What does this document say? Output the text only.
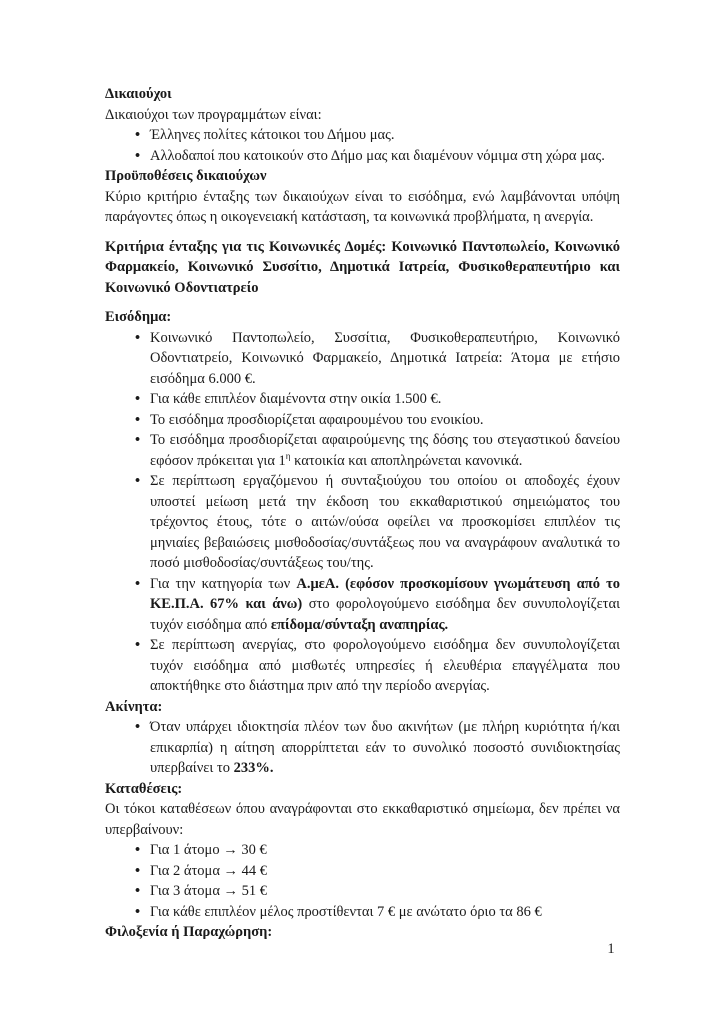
Δικαιούχοι

Δικαιούχοι των προγραμμάτων είναι:

• Έλληνες πολίτες κάτοικοι του Δήμου μας.
• Αλλοδαποί που κατοικούν στο Δήμο μας και διαμένουν νόμιμα στη χώρα μας.
Προϋποθέσεις δικαιούχων

Κύριο κριτήριο ένταξης των δικαιούχων είναι το εισόδημα, ενώ λαμβάνονται υπόψη παράγοντες όπως η οικογενειακή κατάσταση, τα κοινωνικά προβλήματα, η ανεργία.

Κριτήρια ένταξης για τις Κοινωνικές Δομές: Κοινωνικό Παντοπωλείο, Κοινωνικό Φαρμακείο, Κοινωνικό Συσσίτιο, Δημοτικά Ιατρεία, Φυσικοθεραπευτήριο και Κοινωνικό Οδοντιατρείο

Εισόδημα:
• Κοινωνικό Παντοπωλείο, Συσσίτια, Φυσικοθεραπευτήριο, Κοινωνικό Οδοντιατρείο, Κοινωνικό Φαρμακείο, Δημοτικά Ιατρεία: Άτομα με ετήσιο εισόδημα 6.000 €.
• Για κάθε επιπλέον διαμένοντα στην οικία 1.500 €.
• Το εισόδημα προσδιορίζεται αφαιρουμένου του ενοικίου.
• Το εισόδημα προσδιορίζεται αφαιρούμενης της δόσης του στεγαστικού δανείου εφόσον πρόκειται για $1^\eta$ κατοικία και αποπληρώνεται κανονικά.
• Σε περίπτωση εργαζόμενου ή συνταξιούχου του οποίου οι αποδοχές έχουν υποστεί μείωση μετά την έκδοση του εκκαθαριστικού σημειώματος του τρέχοντος έτους, τότε ο αιτών/ούσα οφείλει να προσκομίσει επιπλέον τις μηνιαίες βεβαιώσεις μισθοδοσίας/συντάξεως που να αναγράφουν αναλυτικά το ποσό μισθοδοσίας/συντάξεως του/της.
• Για την κατηγορία των Α.μεΑ. (εφόσον προσκομίσουν γνωμάτευση από το ΚΕ.Π.Α. 67% και άνω) στο φορολογούμενο εισόδημα δεν συνυπολογίζεται τυχόν εισόδημα από επίδομα/σύνταξη αναπηρίας.
• Σε περίπτωση ανεργίας, στο φορολογούμενο εισόδημα δεν συνυπολογίζεται τυχόν εισόδημα από μισθωτές υπηρεσίες ή ελευθέρια επαγγέλματα που αποκτήθηκε στο διάστημα πριν από την περίοδο ανεργίας.
Ακίνητα:
• Όταν υπάρχει ιδιοκτησία πλέον των δυο ακινήτων (με πλήρη κυριότητα ή/και επικαρπία) η αίτηση απορρίπτεται εάν το συνολικό ποσοστό συνιδιοκτησίας υπερβαίνει το 233%.
Καταθέσεις:

Οι τόκοι καταθέσεων όπου αναγράφονται στο εκκαθαριστικό σημείωμα, δεν πρέπει να υπερβαίνουν:

• Για 1 άτομο → 30 €
• Για 2 άτομα → 44 €
• Για 3 άτομα → 51 €
• Για κάθε επιπλέον μέλος προστίθενται 7 € με ανώτατο όριο τα 86 €
Φιλοξενία ή Παραχώρηση:
1
